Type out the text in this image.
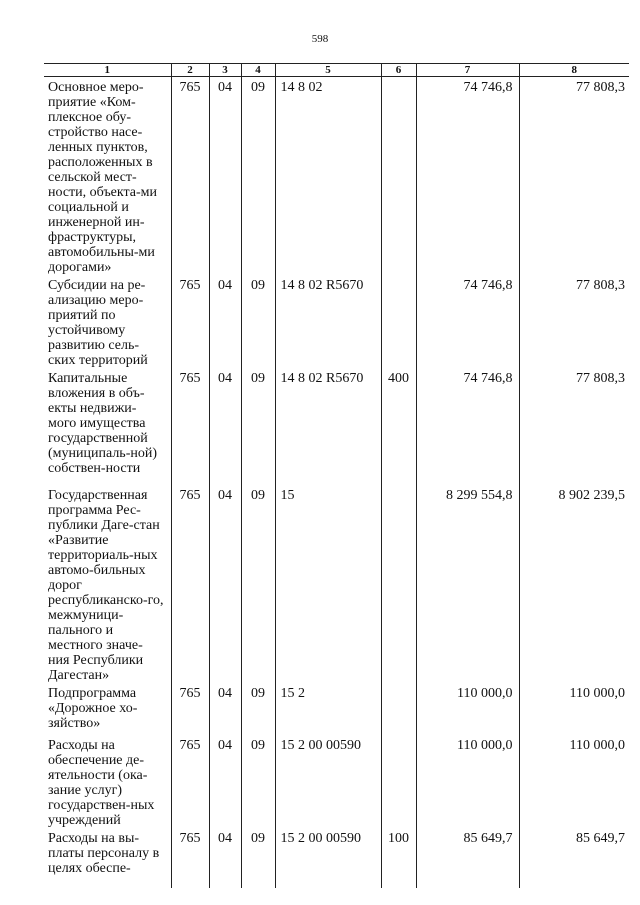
598
1	2	3	4	5	6	7	8

Основное меро-приятие «Ком-плексное обу-стройство насе-ленных пунктов, расположенных в сельской мест-ности, объекта-ми социальной и инженерной ин-фраструктуры, автомобильны-ми дорогами»	765	04	09	14 8 02		74 746,8	77 808,3

Субсидии на ре-ализацию меро-приятий по устойчивому развитию сель-ских территорий	765	04	09	14 8 02 R5670		74 746,8	77 808,3

Капитальные вложения в объ-екты недвижи-мого имущества государственной (муниципаль-ной) собствен-ности	765	04	09	14 8 02 R5670	400	74 746,8	77 808,3

Государственная программа Рес-публики Даге-стан «Развитие территориаль-ных автомо-бильных дорог республиканско-го, межмуници-пального и местного значе-ния Республики Дагестан»	765	04	09	15		8 299 554,8	8 902 239,5

Подпрограмма «Дорожное хо-зяйство»	765	04	09	15 2		110 000,0	110 000,0

Расходы на обеспечение де-ятельности (ока-зание услуг) государствен-ных учреждений	765	04	09	15 2 00 00590		110 000,0	110 000,0

Расходы на вы-платы персоналу в целях обеспе-	765	04	09	15 2 00 00590	100	85 649,7	85 649,7
